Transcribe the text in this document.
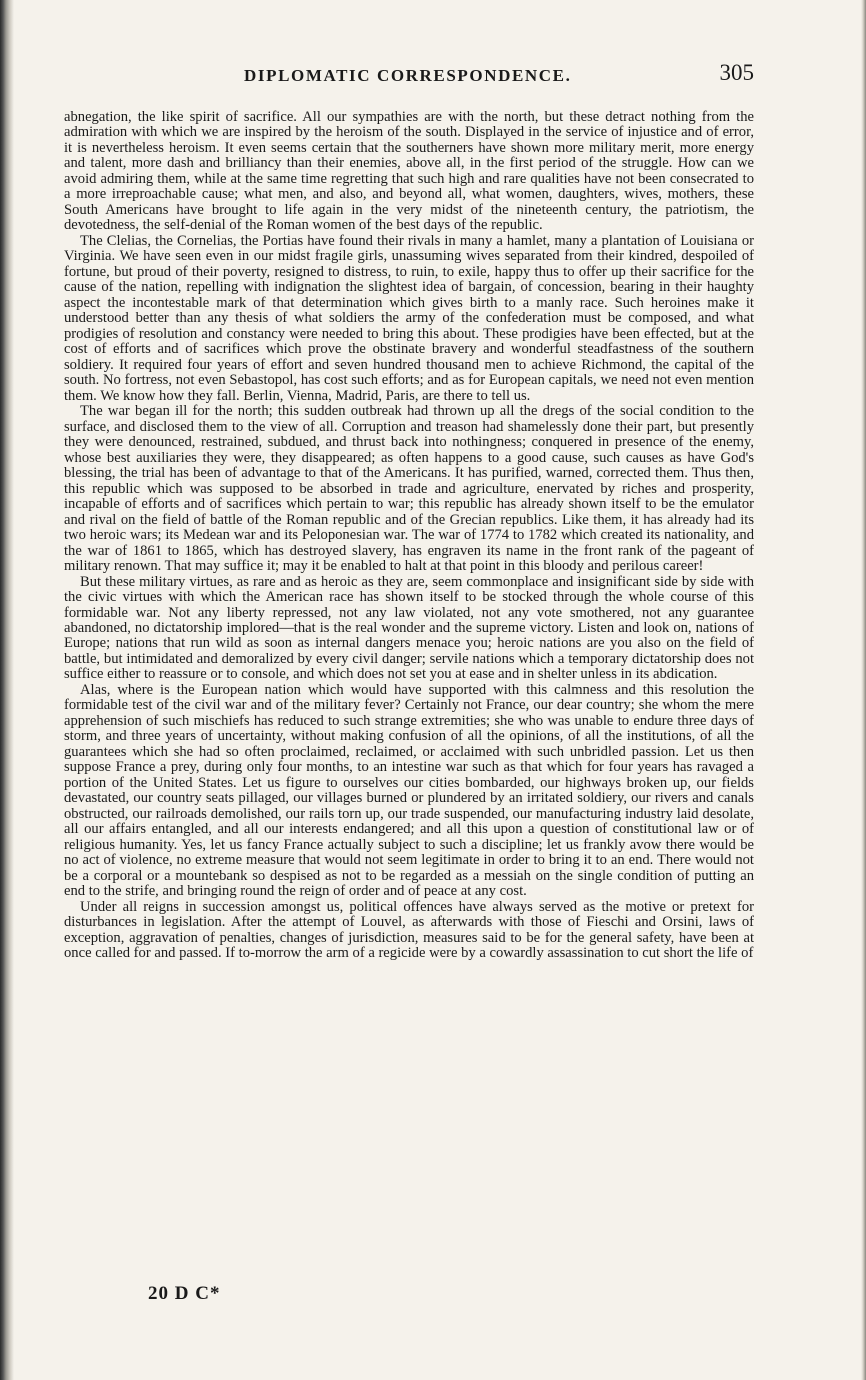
DIPLOMATIC CORRESPONDENCE.	305

abnegation, the like spirit of sacrifice. All our sympathies are with the north, but these detract nothing from the admiration with which we are inspired by the heroism of the south. Displayed in the service of injustice and of error, it is nevertheless heroism. It even seems certain that the southerners have shown more military merit, more energy and talent, more dash and brilliancy than their enemies, above all, in the first period of the struggle. How can we avoid admiring them, while at the same time regretting that such high and rare qualities have not been consecrated to a more irreproachable cause; what men, and also, and beyond all, what women, daughters, wives, mothers, these South Americans have brought to life again in the very midst of the nineteenth century, the patriotism, the devotedness, the self-denial of the Roman women of the best days of the republic.

The Clelias, the Cornelias, the Portias have found their rivals in many a hamlet, many a plantation of Louisiana or Virginia. We have seen even in our midst fragile girls, unassuming wives separated from their kindred, despoiled of fortune, but proud of their poverty, resigned to distress, to ruin, to exile, happy thus to offer up their sacrifice for the cause of the nation, repelling with indignation the slightest idea of bargain, of concession, bearing in their haughty aspect the incontestable mark of that determination which gives birth to a manly race. Such heroines make it understood better than any thesis of what soldiers the army of the confederation must be composed, and what prodigies of resolution and constancy were needed to bring this about. These prodigies have been effected, but at the cost of efforts and of sacrifices which prove the obstinate bravery and wonderful steadfastness of the southern soldiery. It required four years of effort and seven hundred thousand men to achieve Richmond, the capital of the south. No fortress, not even Sebastopol, has cost such efforts; and as for European capitals, we need not even mention them. We know how they fall. Berlin, Vienna, Madrid, Paris, are there to tell us.

The war began ill for the north; this sudden outbreak had thrown up all the dregs of the social condition to the surface, and disclosed them to the view of all. Corruption and treason had shamelessly done their part, but presently they were denounced, restrained, subdued, and thrust back into nothingness; conquered in presence of the enemy, whose best auxiliaries they were, they disappeared; as often happens to a good cause, such causes as have God's blessing, the trial has been of advantage to that of the Americans. It has purified, warned, corrected them. Thus then, this republic which was supposed to be absorbed in trade and agriculture, enervated by riches and prosperity, incapable of efforts and of sacrifices which pertain to war; this republic has already shown itself to be the emulator and rival on the field of battle of the Roman republic and of the Grecian republics. Like them, it has already had its two heroic wars; its Medean war and its Peloponesian war. The war of 1774 to 1782 which created its nationality, and the war of 1861 to 1865, which has destroyed slavery, has engraven its name in the front rank of the pageant of military renown. That may suffice it; may it be enabled to halt at that point in this bloody and perilous career!

But these military virtues, as rare and as heroic as they are, seem commonplace and insignificant side by side with the civic virtues with which the American race has shown itself to be stocked through the whole course of this formidable war. Not any liberty repressed, not any law violated, not any vote smothered, not any guarantee abandoned, no dictatorship implored—that is the real wonder and the supreme victory. Listen and look on, nations of Europe; nations that run wild as soon as internal dangers menace you; heroic nations are you also on the field of battle, but intimidated and demoralized by every civil danger; servile nations which a temporary dictatorship does not suffice either to reassure or to console, and which does not set you at ease and in shelter unless in its abdication.

Alas, where is the European nation which would have supported with this calmness and this resolution the formidable test of the civil war and of the military fever? Certainly not France, our dear country; she whom the mere apprehension of such mischiefs has reduced to such strange extremities; she who was unable to endure three days of storm, and three years of uncertainty, without making confusion of all the opinions, of all the institutions, of all the guarantees which she had so often proclaimed, reclaimed, or acclaimed with such unbridled passion. Let us then suppose France a prey, during only four months, to an intestine war such as that which for four years has ravaged a portion of the United States. Let us figure to ourselves our cities bombarded, our highways broken up, our fields devastated, our country seats pillaged, our villages burned or plundered by an irritated soldiery, our rivers and canals obstructed, our railroads demolished, our rails torn up, our trade suspended, our manufacturing industry laid desolate, all our affairs entangled, and all our interests endangered; and all this upon a question of constitutional law or of religious humanity. Yes, let us fancy France actually subject to such a discipline; let us frankly avow there would be no act of violence, no extreme measure that would not seem legitimate in order to bring it to an end. There would not be a corporal or a mountebank so despised as not to be regarded as a messiah on the single condition of putting an end to the strife, and bringing round the reign of order and of peace at any cost.

Under all reigns in succession amongst us, political offences have always served as the motive or pretext for disturbances in legislation. After the attempt of Louvel, as afterwards with those of Fieschi and Orsini, laws of exception, aggravation of penalties, changes of jurisdiction, measures said to be for the general safety, have been at once called for and passed. If to-morrow the arm of a regicide were by a cowardly assassination to cut short the life of

20 D C*
